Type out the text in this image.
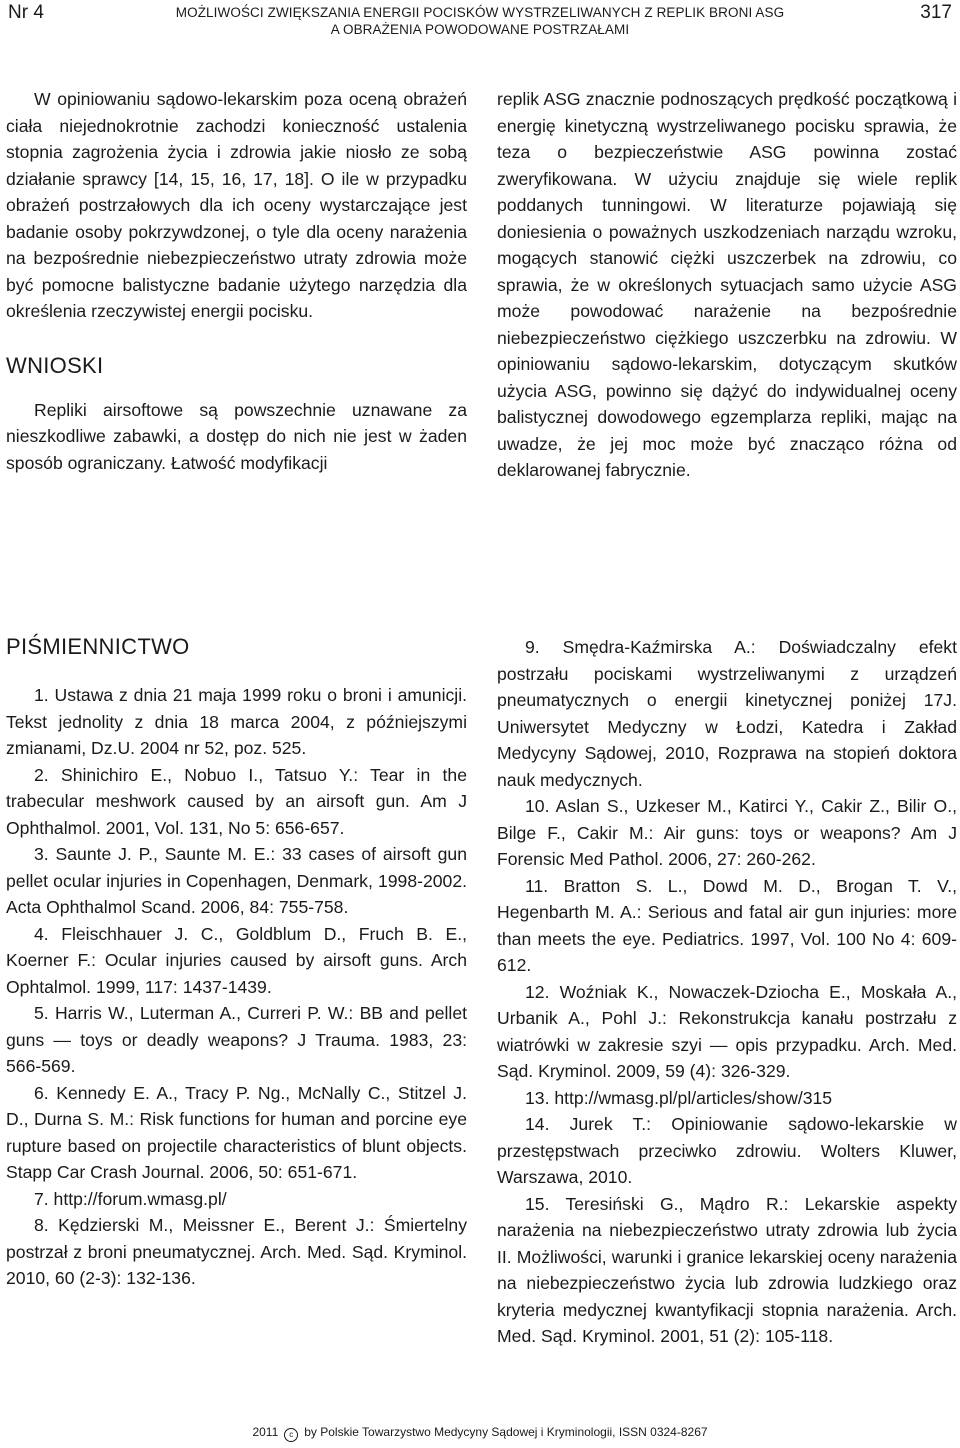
Nr 4	MOŻLIWOŚCI ZWIĘKSZANIA ENERGII POCISKÓW WYSTRZELIWANYCH Z REPLIK BRONI ASG
A OBRAŻENIA POWODOWANE POSTRZAŁAMI
317

W opiniowaniu sądowo-lekarskim poza oceną obrażeń ciała niejednokrotnie zachodzi konieczność ustalenia stopnia zagrożenia życia i zdrowia jakie niosło ze sobą działanie sprawcy [14, 15, 16, 17, 18]. O ile w przypadku obrażeń postrzałowych dla ich oceny wystarczające jest badanie osoby pokrzywdzonej, o tyle dla oceny narażenia na bezpośrednie niebezpieczeństwo utraty zdrowia może być pomocne balistyczne badanie użytego narzędzia dla określenia rzeczywistej energii pocisku.

WNIOSKI

Repliki airsoftowe są powszechnie uznawane za nieszkodliwe zabawki, a dostęp do nich nie jest w żaden sposób ograniczany. Łatwość modyfikacji

replik ASG znacznie podnoszących prędkość początkową i energię kinetyczną wystrzeliwanego pocisku sprawia, że teza o bezpieczeństwie ASG powinna zostać zweryfikowana. W użyciu znajduje się wiele replik poddanych tunningowi. W literaturze pojawiają się doniesienia o poważnych uszkodzeniach narządu wzroku, mogących stanowić ciężki uszczerbek na zdrowiu, co sprawia, że w określonych sytuacjach samo użycie ASG może powodować narażenie na bezpośrednie niebezpieczeństwo ciężkiego uszczerbku na zdrowiu. W opiniowaniu sądowo-lekarskim, dotyczącym skutków użycia ASG, powinno się dążyć do indywidualnej oceny balistycznej dowodowego egzemplarza repliki, mając na uwadze, że jej moc może być znacząco różna od deklarowanej fabrycznie.

PIŚMIENNICTWO

1. Ustawa z dnia 21 maja 1999 roku o broni i amunicji. Tekst jednolity z dnia 18 marca 2004, z późniejszymi zmianami, Dz.U. 2004 nr 52, poz. 525.

2. Shinichiro E., Nobuo I., Tatsuo Y.: Tear in the trabecular meshwork caused by an airsoft gun. Am J Ophthalmol. 2001, Vol. 131, No 5: 656-657.

3. Saunte J. P., Saunte M. E.: 33 cases of airsoft gun pellet ocular injuries in Copenhagen, Denmark, 1998-2002. Acta Ophthalmol Scand. 2006, 84: 755-758.

4. Fleischhauer J. C., Goldblum D., Fruch B. E., Koerner F.: Ocular injuries caused by airsoft guns. Arch Ophtalmol. 1999, 117: 1437-1439.

5. Harris W., Luterman A., Curreri P. W.: BB and pellet guns — toys or deadly weapons? J Trauma. 1983, 23: 566-569.

6. Kennedy E. A., Tracy P. Ng., McNally C., Stitzel J. D., Durna S. M.: Risk functions for human and porcine eye rupture based on projectile characteristics of blunt objects. Stapp Car Crash Journal. 2006, 50: 651-671.

7. http://forum.wmasg.pl/

8. Kędzierski M., Meissner E., Berent J.: Śmiertelny postrzał z broni pneumatycznej. Arch. Med. Sąd. Kryminol. 2010, 60 (2-3): 132-136.

9. Smędra-Kaźmirska A.: Doświadczalny efekt postrzału pociskami wystrzeliwanymi z urządzeń pneumatycznych o energii kinetycznej poniżej 17J. Uniwersytet Medyczny w Łodzi, Katedra i Zakład Medycyny Sądowej, 2010, Rozprawa na stopień doktora nauk medycznych.

10. Aslan S., Uzkeser M., Katirci Y., Cakir Z., Bilir O., Bilge F., Cakir M.: Air guns: toys or weapons? Am J Forensic Med Pathol. 2006, 27: 260-262.

11. Bratton S. L., Dowd M. D., Brogan T. V., Hegenbarth M. A.: Serious and fatal air gun injuries: more than meets the eye. Pediatrics. 1997, Vol. 100 No 4: 609-612.

12. Woźniak K., Nowaczek-Dziocha E., Moskała A., Urbanik A., Pohl J.: Rekonstrukcja kanału postrzału z wiatrówki w zakresie szyi — opis przypadku. Arch. Med. Sąd. Kryminol. 2009, 59 (4): 326-329.

13. http://wmasg.pl/pl/articles/show/315

14. Jurek T.: Opiniowanie sądowo-lekarskie w przestępstwach przeciwko zdrowiu. Wolters Kluwer, Warszawa, 2010.

15. Teresiński G., Mądro R.: Lekarskie aspekty narażenia na niebezpieczeństwo utraty zdrowia lub życia II. Możliwości, warunki i granice lekarskiej oceny narażenia na niebezpieczeństwo życia lub zdrowia ludzkiego oraz kryteria medycznej kwantyfikacji stopnia narażenia. Arch. Med. Sąd. Kryminol. 2001, 51 (2): 105-118.

2011 c by Polskie Towarzystwo Medycyny Sądowej i Kryminologii, ISSN 0324-8267
